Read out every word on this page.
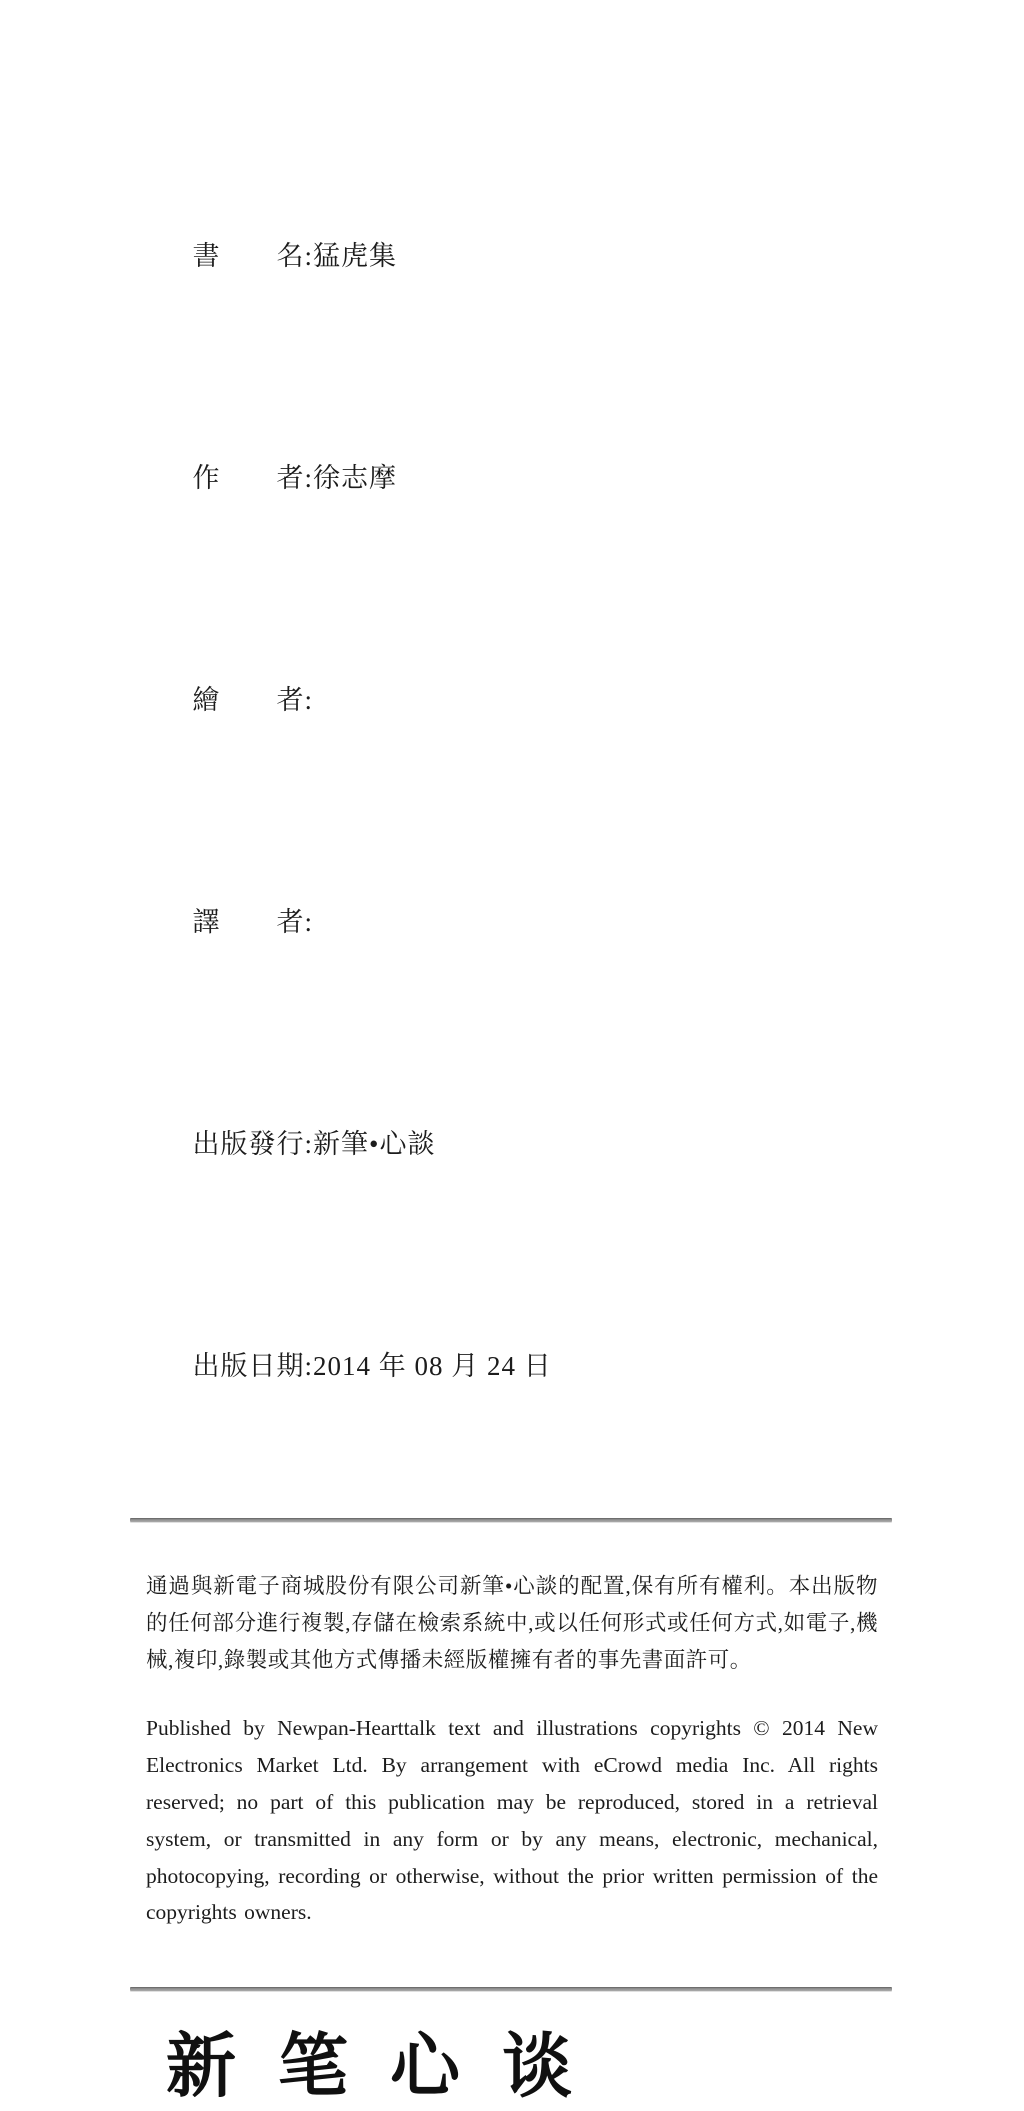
書　　名:猛虎集

作　　者:徐志摩

繪　　者:

譯　　者:

出版發行:新筆•心談

出版日期:2014 年 08 月 24 日

通過與新電子商城股份有限公司新筆•心談的配置,保有所有權利。本出版物的任何部分進行複製,存儲在檢索系統中,或以任何形式或任何方式,如電子,機械,複印,錄製或其他方式傳播未經版權擁有者的事先書面許可。

Published by Newpan-Hearttalk text and illustrations copyrights © 2014 New Electronics Market Ltd. By arrangement with eCrowd media Inc. All rights reserved; no part of this publication may be reproduced, stored in a retrieval system, or transmitted in any form or by any means, electronic, mechanical, photocopying, recording or otherwise, without the prior written permission of the copyrights owners.

新笔心谈
